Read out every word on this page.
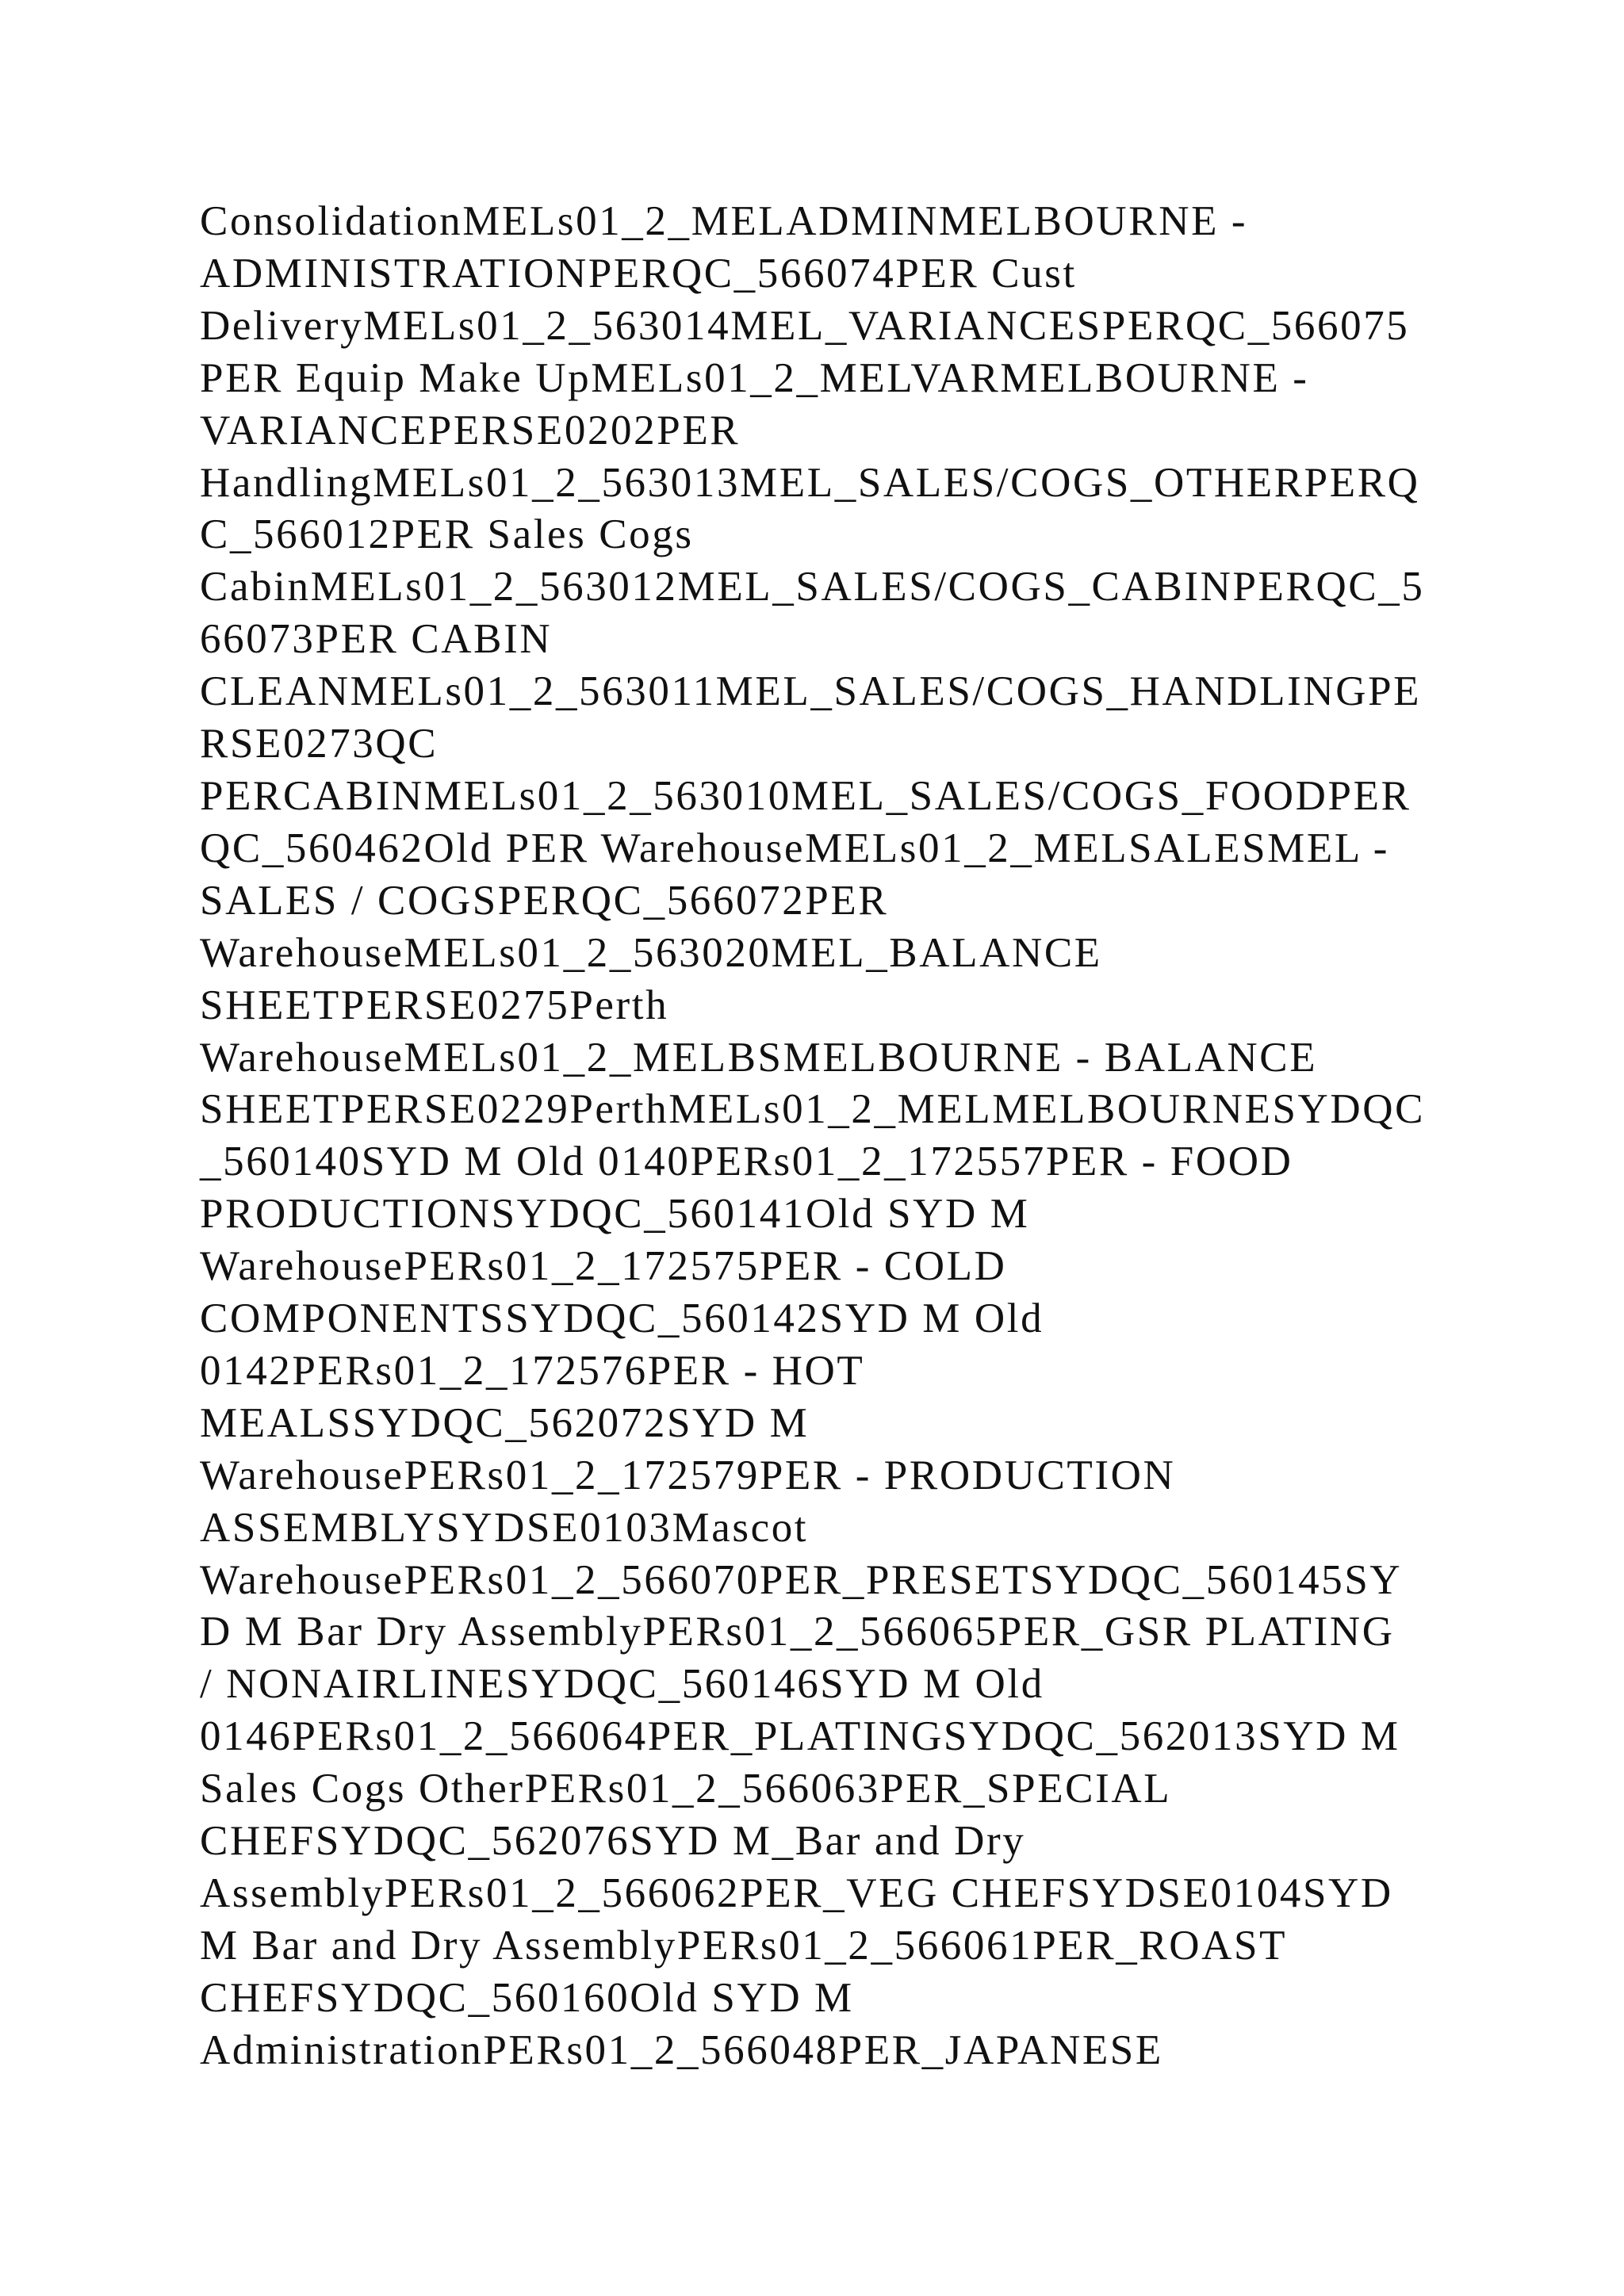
ConsolidationMELs01_2_MELADMINMELBOURNE -
ADMINISTRATIONPERQC_566074PER Cust
DeliveryMELs01_2_563014MEL_VARIANCESPERQC_566075
PER Equip Make UpMELs01_2_MELVARMELBOURNE -
VARIANCEPERSE0202PER
HandlingMELs01_2_563013MEL_SALES/COGS_OTHERPERQ
C_566012PER Sales Cogs
CabinMELs01_2_563012MEL_SALES/COGS_CABINPERQC_5
66073PER CABIN
CLEANMELs01_2_563011MEL_SALES/COGS_HANDLINGPE
RSE0273QC
PERCABINMELs01_2_563010MEL_SALES/COGS_FOODPER
QC_560462Old PER WarehouseMELs01_2_MELSALESMEL -
SALES / COGSPERQC_566072PER
WarehouseMELs01_2_563020MEL_BALANCE
SHEETPERSE0275Perth
WarehouseMELs01_2_MELBSMELBOURNE - BALANCE
SHEETPERSE0229PerthMELs01_2_MELMELBOURNESYDQC
_560140SYD M Old 0140PERs01_2_172557PER - FOOD
PRODUCTIONSYDQC_560141Old SYD M
WarehousePERs01_2_172575PER - COLD
COMPONENTSSYDQC_560142SYD M Old
0142PERs01_2_172576PER - HOT
MEALSSYDQC_562072SYD M
WarehousePERs01_2_172579PER - PRODUCTION
ASSEMBLYSYDSE0103Mascot
WarehousePERs01_2_566070PER_PRESETSYDQC_560145SY
D M Bar Dry AssemblyPERs01_2_566065PER_GSR PLATING
/ NONAIRLINESYDQC_560146SYD M Old
0146PERs01_2_566064PER_PLATINGSYDQC_562013SYD M
Sales Cogs OtherPERs01_2_566063PER_SPECIAL
CHEFSYDQC_562076SYD M_Bar and Dry
AssemblyPERs01_2_566062PER_VEG CHEFSYDSE0104SYD
M Bar and Dry AssemblyPERs01_2_566061PER_ROAST
CHEFSYDQC_560160Old SYD M
AdministrationPERs01_2_566048PER_JAPANESE
